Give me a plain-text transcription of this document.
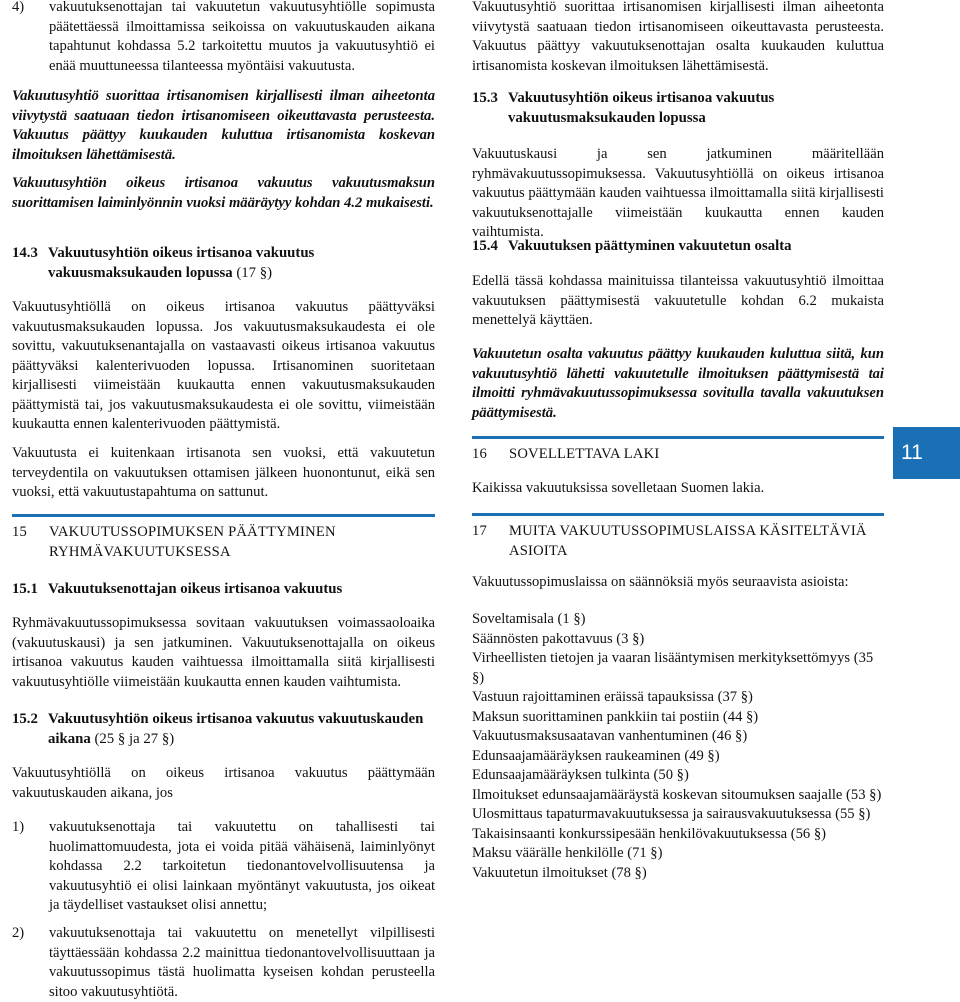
4)	vakuutuksenottajan tai vakuutetun vakuutusyhtiölle sopimusta päätettäessä ilmoittamissa seikoissa on vakuutuskauden aikana tapahtunut kohdassa 5.2 tarkoitettu muutos ja vakuutusyhtiö ei enää muuttuneessa tilanteessa myöntäisi vakuutusta.

Vakuutusyhtiö suorittaa irtisanomisen kirjallisesti ilman aiheetonta viivytystä saatuaan tiedon irtisanomiseen oikeuttavasta perusteesta. Vakuutus päättyy kuukauden kuluttua irtisanomista koskevan ilmoituksen lähettämisestä.

Vakuutusyhtiön oikeus irtisanoa vakuutus vakuutusmaksun suorittamisen laiminlyönnin vuoksi määräytyy kohdan 4.2 mukaisesti.

14.3 Vakuutusyhtiön oikeus irtisanoa vakuutus vakuusmaksukauden lopussa (17 §)

Vakuutusyhtiöllä on oikeus irtisanoa vakuutus päättyväksi vakuutusmaksukauden lopussa. Jos vakuutusmaksukaudesta ei ole sovittu, vakuutuksenantajalla on vastaavasti oikeus irtisanoa vakuutus päättyväksi kalenterivuoden lopussa. Irtisanominen suoritetaan kirjallisesti viimeistään kuukautta ennen vakuutusmaksukauden päättymistä tai, jos vakuutusmaksukaudesta ei ole sovittu, viimeistään kuukautta ennen kalenterivuoden päättymistä.

Vakuutusta ei kuitenkaan irtisanota sen vuoksi, että vakuutetun terveydentila on vakuutuksen ottamisen jälkeen huonontunut, eikä sen vuoksi, että vakuutustapahtuma on sattunut.

15	VAKUUTUSSOPIMUKSEN PÄÄTTYMINEN RYHMÄVAKUUTUKSESSA
15.1 Vakuutuksenottajan oikeus irtisanoa vakuutus

Ryhmävakuutussopimuksessa sovitaan vakuutuksen voimassaoloaika (vakuutuskausi) ja sen jatkuminen. Vakuutuksenottajalla on oikeus irtisanoa vakuutus kauden vaihtuessa ilmoittamalla siitä kirjallisesti vakuutusyhtiölle viimeistään kuukautta ennen kauden vaihtumista.

15.2 Vakuutusyhtiön oikeus irtisanoa vakuutus vakuutuskauden aikana (25 § ja 27 §)

Vakuutusyhtiöllä on oikeus irtisanoa vakuutus päättymään vakuutuskauden aikana, jos

1)	vakuutuksenottaja tai vakuutettu on tahallisesti tai huolimattomuudesta, jota ei voida pitää vähäisenä, laiminlyönyt kohdassa 2.2 tarkoitetun tiedonantovelvollisuutensa ja vakuutusyhtiö ei olisi lainkaan myöntänyt vakuutusta, jos oikeat ja täydelliset vastaukset olisi annettu;
2)	vakuutuksenottaja tai vakuutettu on menetellyt vilpillisesti täyttäessään kohdassa 2.2 mainittua tiedonantovelvollisuuttaan ja vakuutussopimus tästä huolimatta kyseisen kohdan perusteella sitoo vakuutusyhtiötä.

Vakuutusyhtiö suorittaa irtisanomisen kirjallisesti ilman aiheetonta viivytystä saatuaan tiedon irtisanomiseen oikeuttavasta perusteesta. Vakuutus päättyy vakuutuksenottajan osalta kuukauden kuluttua irtisanomista koskevan ilmoituksen lähettämisestä.

15.3 Vakuutusyhtiön oikeus irtisanoa vakuutus vakuutusmaksukauden lopussa

Vakuutuskausi ja sen jatkuminen määritellään ryhmävakuutussopimuksessa. Vakuutusyhtiöllä on oikeus irtisanoa vakuutus päättymään kauden vaihtuessa ilmoittamalla siitä kirjallisesti vakuutuksenottajalle viimeistään kuukautta ennen kauden vaihtumista.

15.4 Vakuutuksen päättyminen vakuutetun osalta

Edellä tässä kohdassa mainituissa tilanteissa vakuutusyhtiö ilmoittaa vakuutuksen päättymisestä vakuutetulle kohdan 6.2 mukaista menettelyä käyttäen.

Vakuutetun osalta vakuutus päättyy kuukauden kuluttua siitä, kun vakuutusyhtiö lähetti vakuutetulle ilmoituksen päättymisestä tai ilmoitti ryhmävakuutussopimuksessa sovitulla tavalla vakuutuksen päättymisestä.

16	SOVELLETTAVA LAKI

Kaikissa vakuutuksissa sovelletaan Suomen lakia.

17	MUITA VAKUUTUSSOPIMUSLAISSA KÄSITELTÄVIÄ ASIOITA

Vakuutussopimuslaissa on säännöksiä myös seuraavista asioista:

Soveltamisala (1 §)

Säännösten pakottavuus (3 §)

Virheellisten tietojen ja vaaran lisääntymisen merkityksettömyys (35 §)

Vastuun rajoittaminen eräissä tapauksissa (37 §)

Maksun suorittaminen pankkiin tai postiin (44 §)

Vakuutusmaksusaatavan vanhentuminen (46 §)

Edunsaajamääräyksen raukeaminen (49 §)

Edunsaajamääräyksen tulkinta (50 §)

Ilmoitukset edunsaajamääräystä koskevan sitoumuksen saajalle (53 §)

Ulosmittaus tapaturmavakuutuksessa ja sairausvakuutuksessa (55 §)

Takaisinsaanti konkurssipesään henkilövakuutuksessa (56 §)

Maksu väärälle henkilölle (71 §)

Vakuutetun ilmoitukset (78 §)

11
